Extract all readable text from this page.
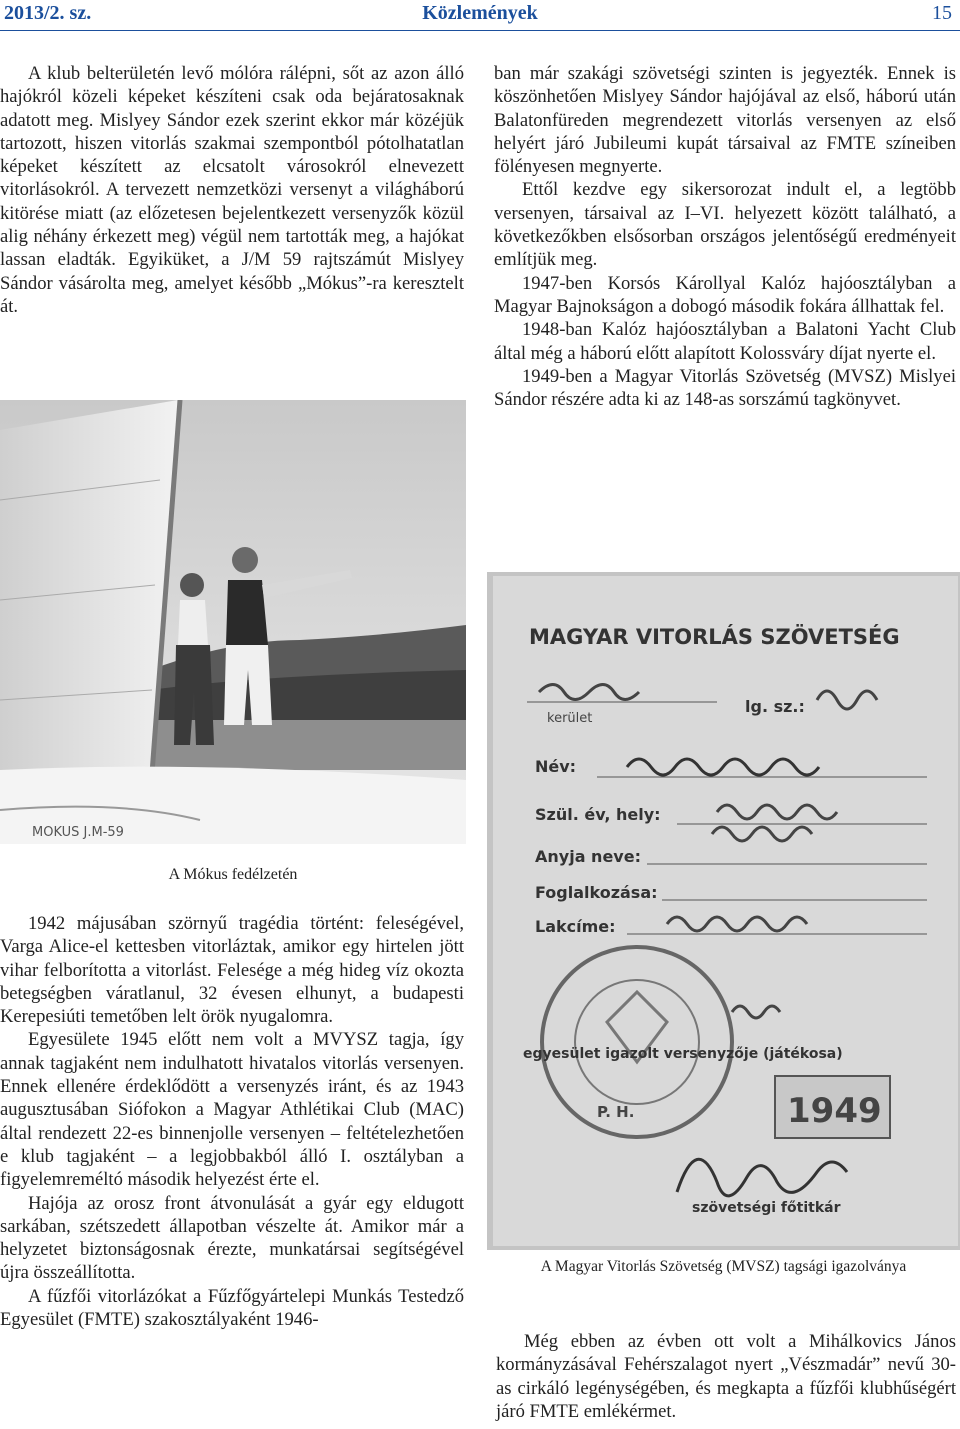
2013/2. sz.	Közlemények	15

A klub belterületén levő mólóra rálépni, sőt az azon álló hajókról közeli képeket készíteni csak oda bejáratosaknak adatott meg. Mislyey Sándor ezek szerint ekkor már közéjük tartozott, hiszen vitorlás szakmai szempontból pótolhatatlan képeket készített az elcsatolt városokról elnevezett vitorlásokról. A tervezett nemzetközi versenyt a világháború kitörése miatt (az előzetesen bejelentkezett versenyzők közül alig néhány érkezett meg) végül nem tartották meg, a hajókat lassan eladták. Egyiküket, a J/M 59 rajtszámút Mislyey Sándor vásárolta meg, amelyet később „Mókus”-ra keresztelt át.

ban már szakági szövetségi szinten is jegyezték. Ennek is köszönhetően Mislyey Sándor hajójával az első, háború után Balatonfüreden megrendezett vitorlás versenyen az első helyért járó Jubileumi kupát társaival az FMTE színeiben fölényesen megnyerte.

Ettől kezdve egy sikersorozat indult el, a legtöbb versenyen, társaival az I–VI. helyezett között található, a következőkben elsősorban országos jelentőségű eredményeit említjük meg.

1947-ben Korsós Károllyal Kalóz hajóosztályban a Magyar Bajnokságon a dobogó második fokára állhattak fel.

1948-ban Kalóz hajóosztályban a Balatoni Yacht Club által még a háború előtt alapított Kolossváry díjat nyerte el.

1949-ben a Magyar Vitorlás Szövetség (MVSZ) Mislyei Sándor részére adta ki az 148-as sorszámú tagkönyvet.

MOKUS J.M-59
A Mókus fedélzetén

1942 májusában szörnyű tragédia történt: feleségével, Varga Alice-el kettesben vitorláztak, amikor egy hirtelen jött vihar felborította a vitorlást. Felesége a még hideg víz okozta betegségben váratlanul, 32 évesen elhunyt, a budapesti Kerepesiúti temetőben lelt örök nyugalomra.

Egyesülete 1945 előtt nem volt a MVYSZ tagja, így annak tagjaként nem indulhatott hivatalos vitorlás versenyen. Ennek ellenére érdeklődött a versenyzés iránt, és az 1943 augusztusában Siófokon a Magyar Athlétikai Club (MAC) által rendezett 22-es binnenjolle versenyen – feltételezhetően e klub tagjaként – a legjobbakból álló I. osztályban a figyelemreméltó második helyezést érte el.

Hajója az orosz front átvonulását a gyár egy eldugott sarkában, szétszedett állapotban vészelte át. Amikor már a helyzetet biztonságosnak érezte, munkatársai segítségével újra összeállította.

A fűzfői vitorlázókat a Fűzfőgyártelepi Munkás Testedző Egyesület (FMTE) szakosztályaként 1946-

MAGYAR VITORLÁS SZÖVETSÉG
kerület
lg. sz.:
Név:
Szül. év, hely:
Anyja neve:
Foglalkozása:
Lakcíme:
egyesület igazolt versenyzője (játékosa)
1949
P. H.
szövetségi főtitkár
A Magyar Vitorlás Szövetség (MVSZ) tagsági igazolványa

Még ebben az évben ott volt a Mihálkovics János kormányzásával Fehérszalagot nyert „Vészmadár” nevű 30-as cirkáló legénységében, és megkapta a fűzfői klubhűségért járó FMTE emlékérmet.
